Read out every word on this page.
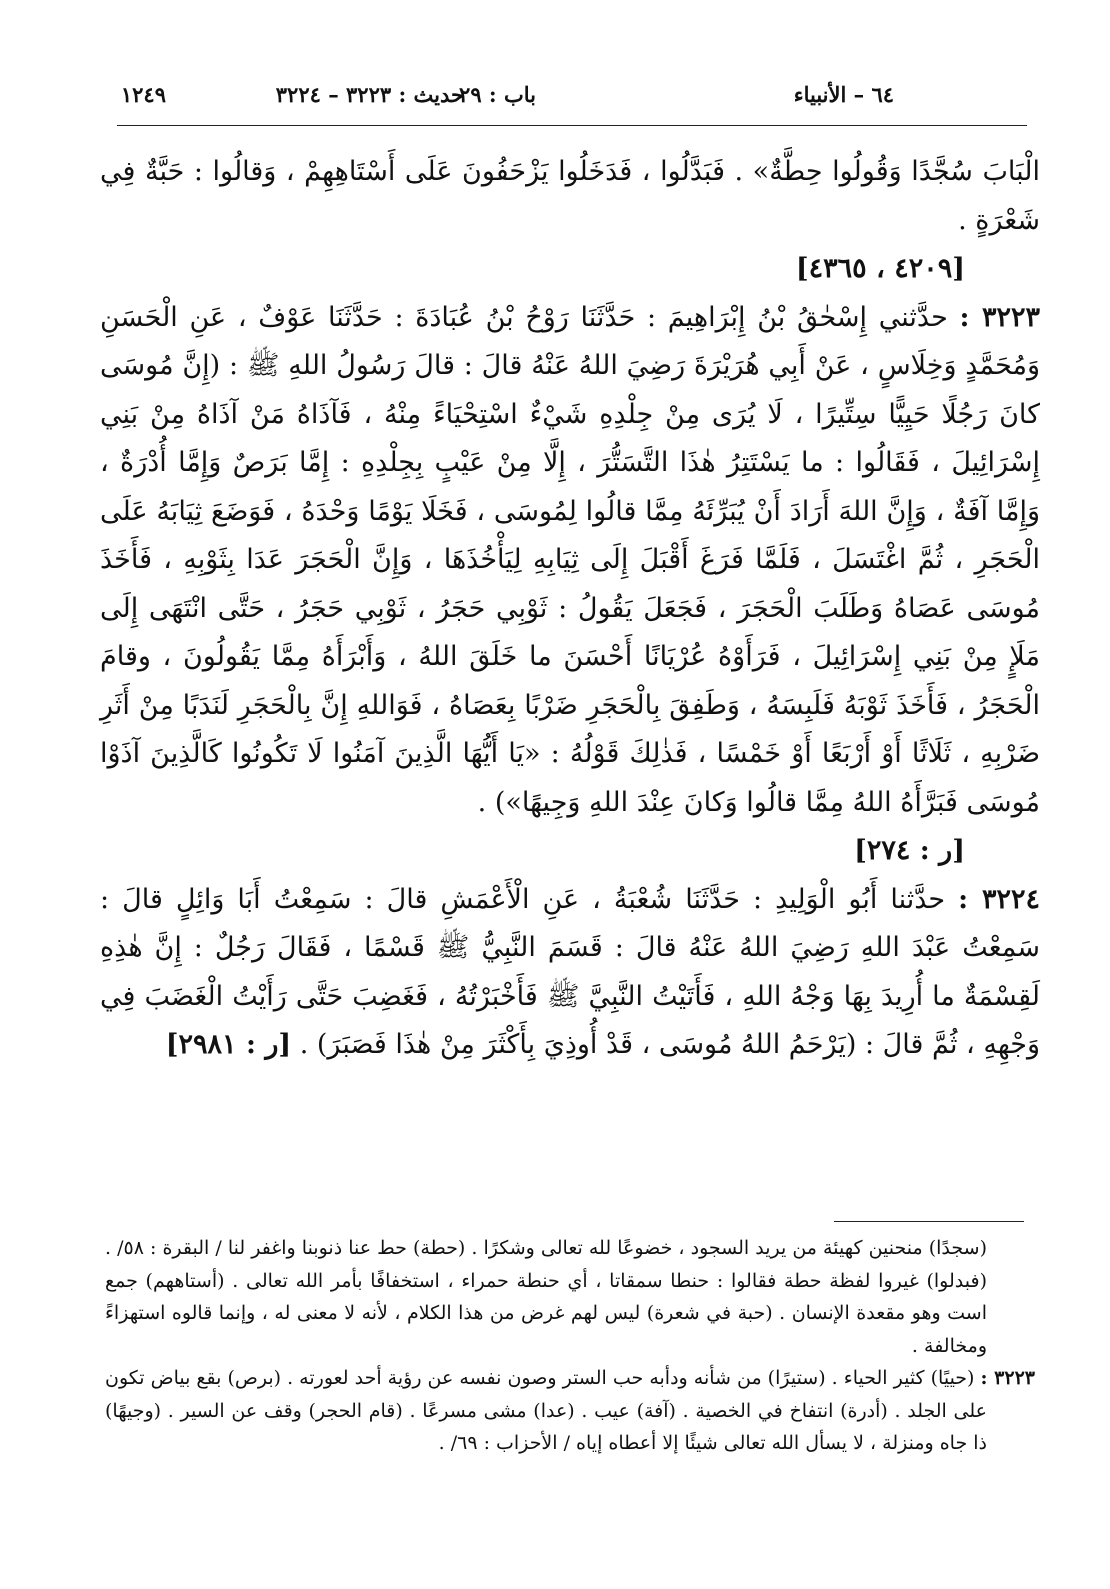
٦٤ – الأنبياء
باب : ٢٩
حديث : ٣٢٢٣ – ٣٢٢٤
١٢٤٩

الْبَابَ سُجَّدًا وَقُولُوا حِطَّةٌ» . فَبَدَّلُوا ، فَدَخَلُوا يَزْحَفُونَ عَلَى أَسْتَاهِهِمْ ، وَقالُوا : حَبَّةٌ فِي شَعْرَةٍ .

[٤٢٠٩ ، ٤٣٦٥]

٣٢٢٣ : حدَّثني إِسْحٰقُ بْنُ إِبْرَاهِيمَ : حَدَّثَنَا رَوْحُ بْنُ عُبَادَةَ : حَدَّثَنَا عَوْفٌ ، عَنِ الْحَسَنِ وَمُحَمَّدٍ وَخِلَاسٍ ، عَنْ أَبِي هُرَيْرَةَ رَضِيَ اللهُ عَنْهُ قالَ : قالَ رَسُولُ اللهِ ﷺ : (إِنَّ مُوسَى كانَ رَجُلًا حَيِيًّا سِتِّيرًا ، لَا يُرَى مِنْ جِلْدِهِ شَيْءٌ اسْتِحْيَاءً مِنْهُ ، فَآذَاهُ مَنْ آذَاهُ مِنْ بَنِي إِسْرَائِيلَ ، فَقَالُوا : ما يَسْتَتِرُ هٰذَا التَّسَتُّرَ ، إِلَّا مِنْ عَيْبٍ بِجِلْدِهِ : إِمَّا بَرَصٌ وَإِمَّا أُدْرَةٌ ، وَإِمَّا آفَةٌ ، وَإِنَّ اللهَ أَرَادَ أَنْ يُبَرِّئَهُ مِمَّا قالُوا لِمُوسَى ، فَخَلَا يَوْمًا وَحْدَهُ ، فَوَضَعَ ثِيَابَهُ عَلَى الْحَجَرِ ، ثُمَّ اغْتَسَلَ ، فَلَمَّا فَرَغَ أَقْبَلَ إِلَى ثِيَابِهِ لِيَأْخُذَهَا ، وَإِنَّ الْحَجَرَ عَدَا بِثَوْبِهِ ، فَأَخَذَ مُوسَى عَصَاهُ وَطَلَبَ الْحَجَرَ ، فَجَعَلَ يَقُولُ : ثَوْبِي حَجَرُ ، ثَوْبِي حَجَرُ ، حَتَّى انْتَهَى إِلَى مَلَإٍ مِنْ بَنِي إِسْرَائِيلَ ، فَرَأَوْهُ عُرْيَانًا أَحْسَنَ ما خَلَقَ اللهُ ، وَأَبْرَأَهُ مِمَّا يَقُولُونَ ، وقامَ الْحَجَرُ ، فَأَخَذَ ثَوْبَهُ فَلَبِسَهُ ، وَطَفِقَ بِالْحَجَرِ ضَرْبًا بِعَصَاهُ ، فَوَاللهِ إِنَّ بِالْحَجَرِ لَنَدَبًا مِنْ أَثَرِ ضَرْبِهِ ، ثَلَاثًا أَوْ أَرْبَعًا أَوْ خَمْسًا ، فَذٰلِكَ قَوْلُهُ : «يَا أَيُّهَا الَّذِينَ آمَنُوا لَا تَكُونُوا كَالَّذِينَ آذَوْا مُوسَى فَبَرَّأَهُ اللهُ مِمَّا قالُوا وَكانَ عِنْدَ اللهِ وَجِيهًا») .

[ر : ٢٧٤]

٣٢٢٤ : حدَّثنا أَبُو الْوَلِيدِ : حَدَّثَنَا شُعْبَةُ ، عَنِ الْأَعْمَشِ قالَ : سَمِعْتُ أَبَا وَائِلٍ قالَ : سَمِعْتُ عَبْدَ اللهِ رَضِيَ اللهُ عَنْهُ قالَ : قَسَمَ النَّبِيُّ ﷺ قَسْمًا ، فَقَالَ رَجُلٌ : إِنَّ هٰذِهِ لَقِسْمَةٌ ما أُرِيدَ بِهَا وَجْهُ اللهِ ، فَأَتَيْتُ النَّبِيَّ ﷺ فَأَخْبَرْتُهُ ، فَغَضِبَ حَتَّى رَأَيْتُ الْغَضَبَ فِي وَجْهِهِ ، ثُمَّ قالَ : (يَرْحَمُ اللهُ مُوسَى ، قَدْ أُوذِيَ بِأَكْثَرَ مِنْ هٰذَا فَصَبَرَ) . [ر : ٢٩٨١]

(سجدًا) منحنين كهيئة من يريد السجود ، خضوعًا لله تعالى وشكرًا . (حطة) حط عنا ذنوبنا واغفر لنا / البقرة : ٥٨/ . (فبدلوا) غيروا لفظة حطة فقالوا : حنطا سمقاتا ، أي حنطة حمراء ، استخفافًا بأمر الله تعالى . (أستاههم) جمع است وهو مقعدة الإنسان . (حبة في شعرة) ليس لهم غرض من هذا الكلام ، لأنه لا معنى له ، وإنما قالوه استهزاءً ومخالفة .

٣٢٢٣ : (حييًا) كثير الحياء . (ستيرًا) من شأنه ودأبه حب الستر وصون نفسه عن رؤية أحد لعورته . (برص) بقع بياض تكون على الجلد . (أدرة) انتفاخ في الخصية . (آفة) عيب . (عدا) مشى مسرعًا . (قام الحجر) وقف عن السير . (وجيهًا) ذا جاه ومنزلة ، لا يسأل الله تعالى شيئًا إلا أعطاه إياه / الأحزاب : ٦٩/ .
